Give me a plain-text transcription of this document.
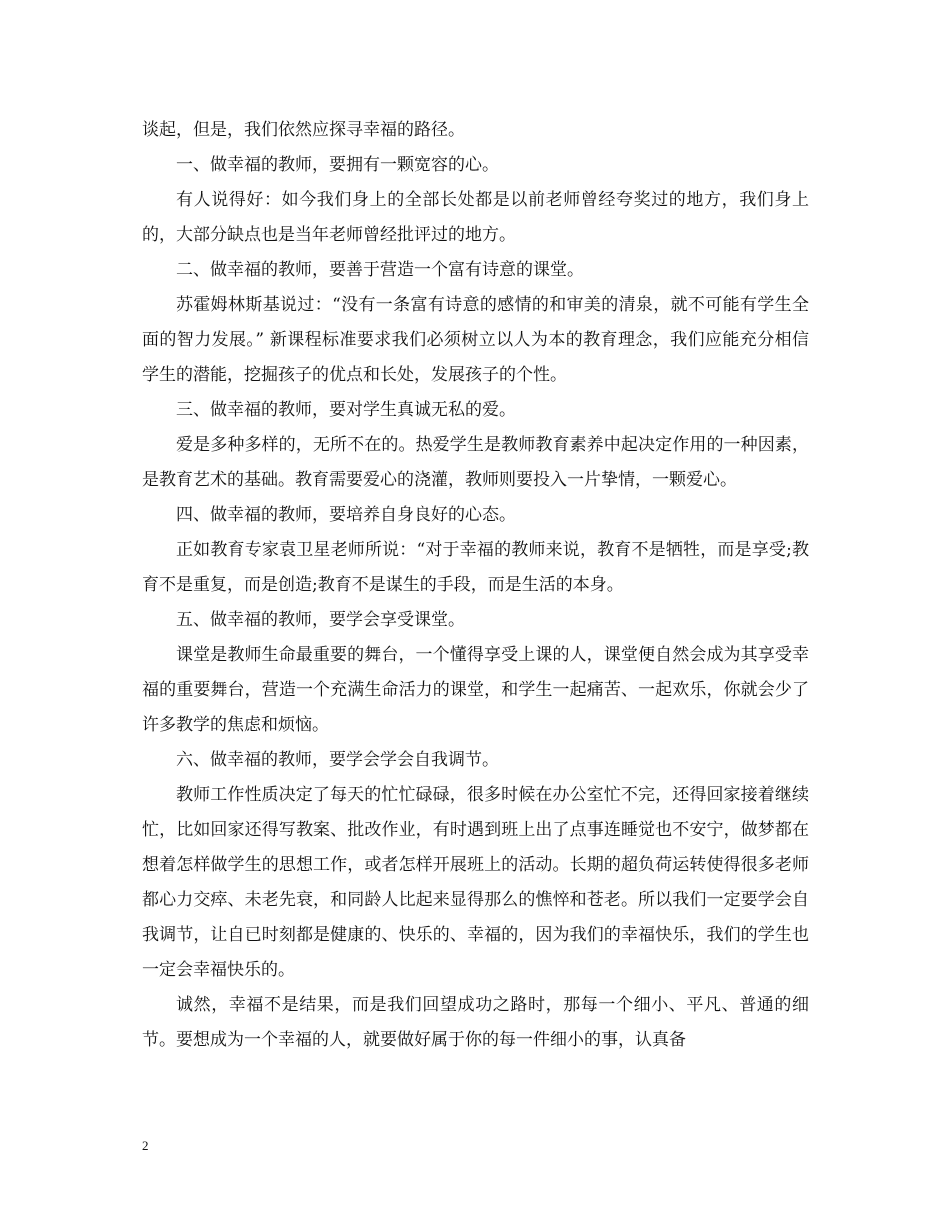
谈起，但是，我们依然应探寻幸福的路径。

一、做幸福的教师，要拥有一颗宽容的心。

有人说得好：如今我们身上的全部长处都是以前老师曾经夸奖过的地方，我们身上的，大部分缺点也是当年老师曾经批评过的地方。

二、做幸福的教师，要善于营造一个富有诗意的课堂。

苏霍姆林斯基说过：“没有一条富有诗意的感情的和审美的清泉，就不可能有学生全面的智力发展。” 新课程标准要求我们必须树立以人为本的教育理念，我们应能充分相信学生的潜能，挖掘孩子的优点和长处，发展孩子的个性。

三、做幸福的教师，要对学生真诚无私的爱。

爱是多种多样的，无所不在的。热爱学生是教师教育素养中起决定作用的一种因素，是教育艺术的基础。教育需要爱心的浇灌，教师则要投入一片挚情，一颗爱心。

四、做幸福的教师，要培养自身良好的心态。

正如教育专家袁卫星老师所说：“对于幸福的教师来说，教育不是牺牲，而是享受;教育不是重复，而是创造;教育不是谋生的手段，而是生活的本身。

五、做幸福的教师，要学会享受课堂。

课堂是教师生命最重要的舞台，一个懂得享受上课的人，课堂便自然会成为其享受幸福的重要舞台，营造一个充满生命活力的课堂，和学生一起痛苦、一起欢乐，你就会少了许多教学的焦虑和烦恼。

六、做幸福的教师，要学会学会自我调节。

教师工作性质决定了每天的忙忙碌碌，很多时候在办公室忙不完，还得回家接着继续忙，比如回家还得写教案、批改作业，有时遇到班上出了点事连睡觉也不安宁，做梦都在想着怎样做学生的思想工作，或者怎样开展班上的活动。长期的超负荷运转使得很多老师都心力交瘁、未老先衰，和同龄人比起来显得那么的憔悴和苍老。所以我们一定要学会自我调节，让自已时刻都是健康的、快乐的、幸福的，因为我们的幸福快乐，我们的学生也一定会幸福快乐的。

诚然，幸福不是结果，而是我们回望成功之路时，那每一个细小、平凡、普通的细节。要想成为一个幸福的人，就要做好属于你的每一件细小的事，认真备

2
